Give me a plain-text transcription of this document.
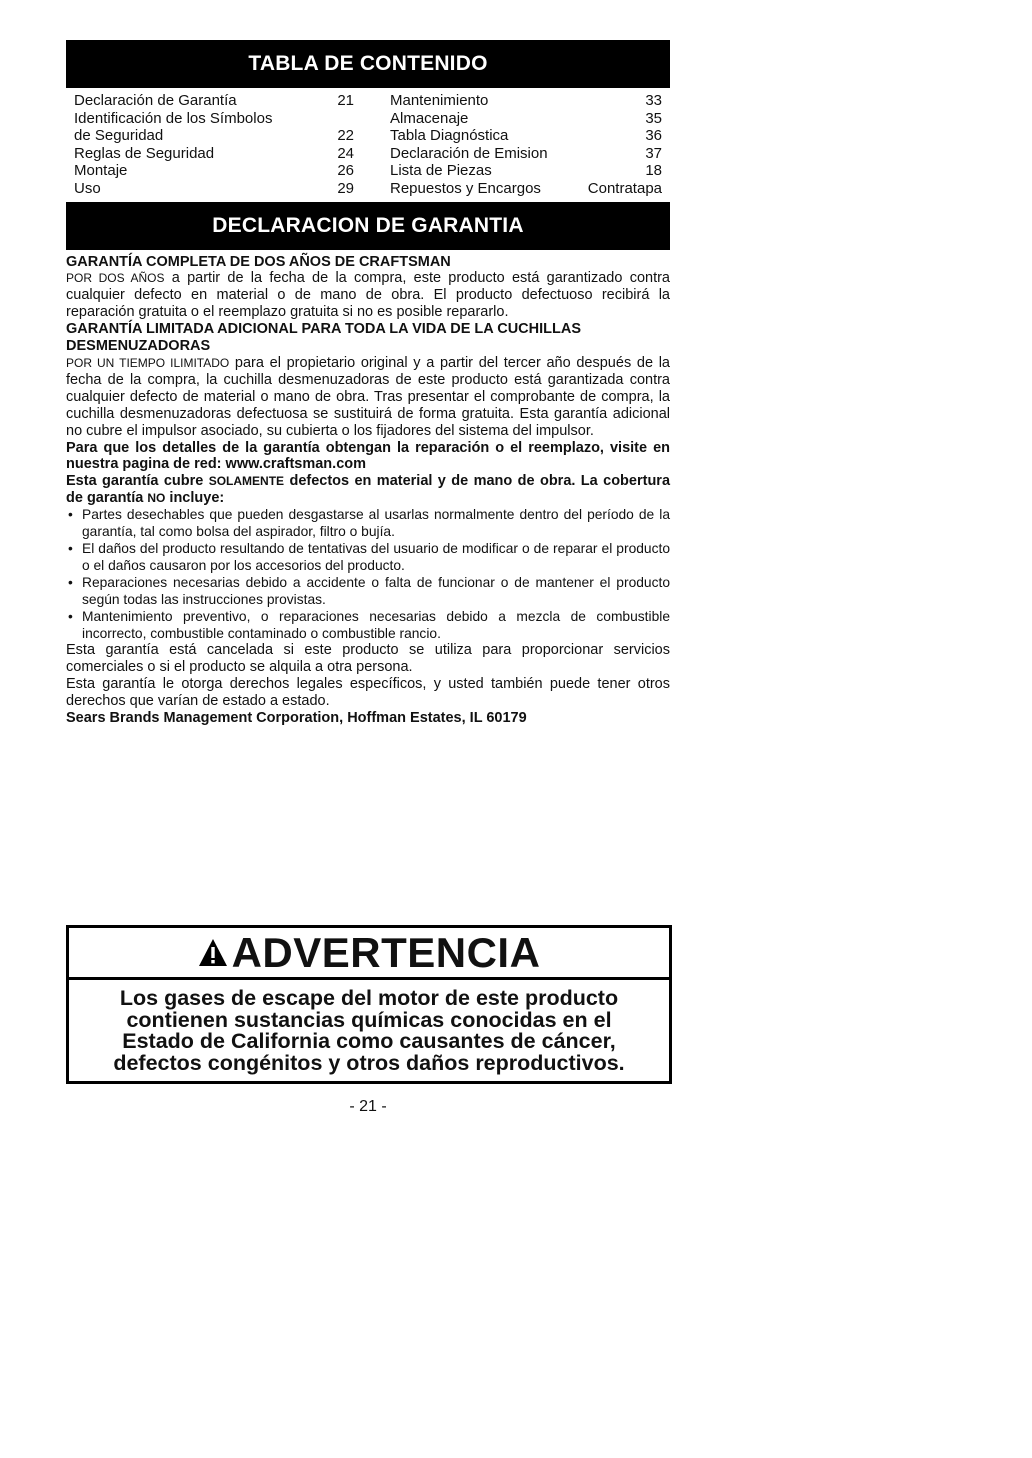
TABLA DE CONTENIDO
Declaración de Garantía	21
Identificación de los Símbolos
de Seguridad	22
Reglas de Seguridad	24
Montaje	26
Uso	29
Mantenimiento	33
Almacenaje	35
Tabla Diagnóstica	36
Declaración de Emision	37
Lista de Piezas	18
Repuestos y Encargos	Contratapa
DECLARACION DE GARANTIA

GARANTÍA COMPLETA DE DOS AÑOS DE CRAFTSMAN

POR DOS AÑOS a partir de la fecha de la compra, este producto está garantizado contra cualquier defecto en material o de mano de obra. El producto defectuoso recibirá la reparación gratuita o el reemplazo gratuita si no es posible repararlo.

GARANTÍA LIMITADA ADICIONAL PARA TODA LA VIDA DE LA CUCHILLAS DESMENUZADORAS

POR UN TIEMPO ILIMITADO para el propietario original y a partir del tercer año después de la fecha de la compra, la cuchilla desmenuzadoras de este producto está garantizada contra cualquier defecto de material o mano de obra. Tras presentar el comprobante de compra, la cuchilla desmenuzadoras defectuosa se sustituirá de forma gratuita. Esta garantía adicional no cubre el impulsor asociado, su cubierta o los fijadores del sistema del impulsor.

Para que los detalles de la garantía obtengan la reparación o el reemplazo, visite en nuestra pagina de red: www.craftsman.com

Esta garantía cubre SOLAMENTE defectos en material y de mano de obra. La cobertura de garantía NO incluye:

• Partes desechables que pueden desgastarse al usarlas normalmente dentro del período de la garantía, tal como bolsa del aspirador, filtro o bujía.
• El daños del producto resultando de tentativas del usuario de modificar o de reparar el producto o el daños causaron por los accesorios del producto.
• Reparaciones necesarias debido a accidente o falta de funcionar o de mantener el producto según todas las instrucciones provistas.
• Mantenimiento preventivo, o reparaciones necesarias debido a mezcla de combustible incorrecto, combustible contaminado o combustible rancio.

Esta garantía está cancelada si este producto se utiliza para proporcionar servicios comerciales o si el producto se alquila a otra persona.

Esta garantía le otorga derechos legales específicos, y usted también puede tener otros derechos que varían de estado a estado.

Sears Brands Management Corporation, Hoffman Estates, IL 60179

ADVERTENCIA
Los gases de escape del motor de este producto
contienen sustancias químicas conocidas en el
Estado de California como causantes de cáncer,
defectos congénitos y otros daños reproductivos.
- 21 -
